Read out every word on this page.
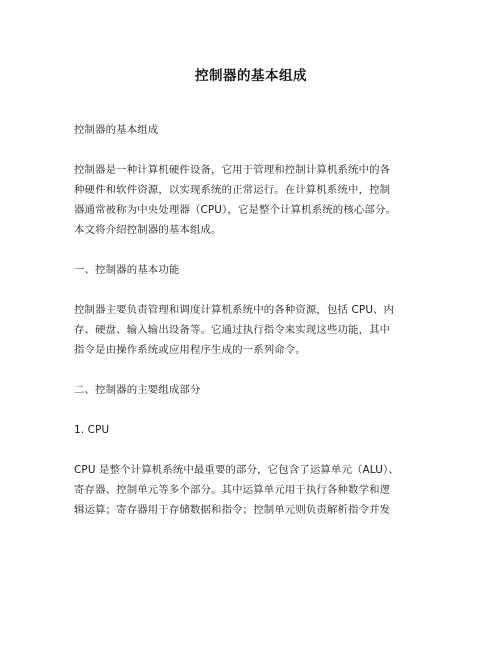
控制器的基本组成

控制器的基本组成

控制器是一种计算机硬件设备，它用于管理和控制计算机系统中的各

种硬件和软件资源，以实现系统的正常运行。在计算机系统中，控制

器通常被称为中央处理器（CPU），它是整个计算机系统的核心部分。

本文将介绍控制器的基本组成。

一、控制器的基本功能

控制器主要负责管理和调度计算机系统中的各种资源，包括 CPU、内

存、硬盘、输入输出设备等。它通过执行指令来实现这些功能，其中

指令是由操作系统或应用程序生成的一系列命令。

二、控制器的主要组成部分

1. CPU

CPU 是整个计算机系统中最重要的部分，它包含了运算单元（ALU）、

寄存器、控制单元等多个部分。其中运算单元用于执行各种数学和逻

辑运算；寄存器用于存储数据和指令；控制单元则负责解析指令并发
